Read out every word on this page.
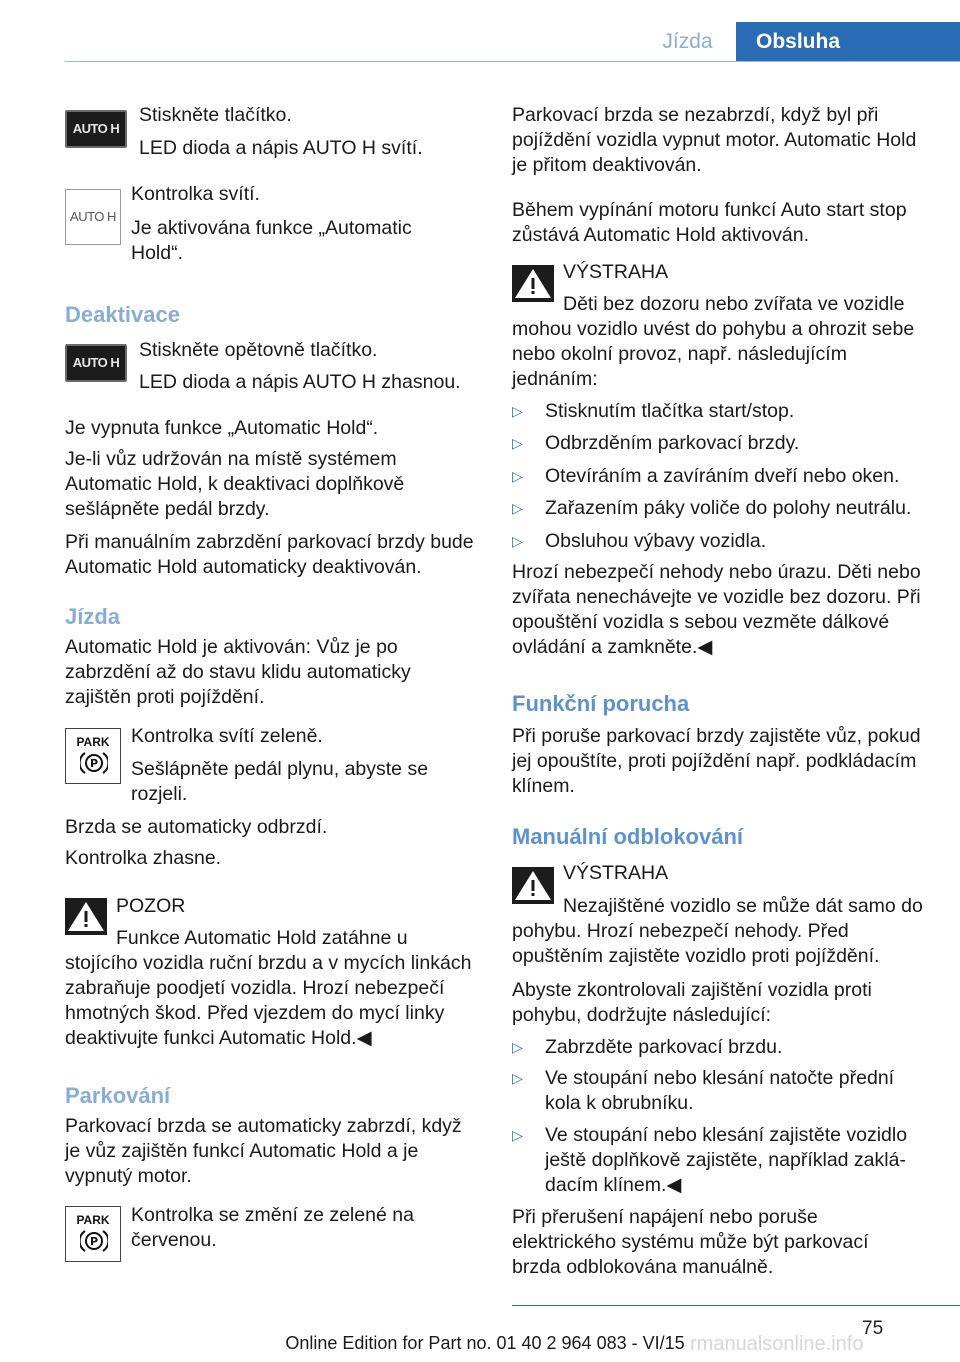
Jízda	Obsluha
AUTO H

Stiskněte tlačítko.

LED dioda a nápis AUTO H svítí.

AUTO H

Kontrolka svítí.

Je aktivována funkce „Automatic Hold“.

Deaktivace
AUTO H

Stiskněte opětovně tlačítko.

LED dioda a nápis AUTO H zhasnou.

Je vypnuta funkce „Automatic Hold“.

Je-li vůz udržován na místě systémem Automatic Hold, k deaktivaci doplňkově sešlápněte pedál brzdy.

Při manuálním zabrzdění parkovací brzdy bude Automatic Hold automaticky deaktivován.

Jízda

Automatic Hold je aktivován: Vůz je po zabrzdění až do stavu klidu automaticky zajištěn proti pojíždění.

PARK
P

Kontrolka svítí zeleně.

Sešlápněte pedál plynu, abyste se rozjeli.

Brzda se automaticky odbrzdí.

Kontrolka zhasne.

POZOR

Funkce Automatic Hold zatáhne u stojícího vozidla ruční brzdu a v mycích linkách zabraňuje poodjetí vozidla. Hrozí nebezpečí hmotných škod. Před vjezdem do mycí linky deaktivujte funkci Automatic Hold.◀

Parkování

Parkovací brzda se automaticky zabrzdí, když je vůz zajištěn funkcí Automatic Hold a je vypnutý motor.

PARK
P

Kontrolka se změní ze zelené na červenou.

Parkovací brzda se nezabrzdí, když byl při pojíždění vozidla vypnut motor. Automatic Hold je přitom deaktivován.

Během vypínání motoru funkcí Auto start stop zůstává Automatic Hold aktivován.

VÝSTRAHA

Děti bez dozoru nebo zvířata ve vozidle mohou vozidlo uvést do pohybu a ohrozit sebe nebo okolní provoz, např. následujícím jednáním:

▷ Stisknutím tlačítka start/stop.
▷ Odbrzděním parkovací brzdy.
▷ Otevíráním a zavíráním dveří nebo oken.
▷ Zařazením páky voliče do polohy neutrálu.
▷ Obsluhou výbavy vozidla.

Hrozí nebezpečí nehody nebo úrazu. Děti nebo zvířata nenechávejte ve vozidle bez dozoru. Při opouštění vozidla s sebou vezměte dálkové ovládání a zamkněte.◀

Funkční porucha

Při poruše parkovací brzdy zajistěte vůz, pokud jej opouštíte, proti pojíždění např. podkládacím klínem.

Manuální odblokování

VÝSTRAHA

Nezajištěné vozidlo se může dát samo do pohybu. Hrozí nebezpečí nehody. Před opuštěním zajistěte vozidlo proti pojíždění.

Abyste zkontrolovali zajištění vozidla proti pohybu, dodržujte následující:

▷ Zabrzděte parkovací brzdu.
▷ Ve stoupání nebo klesání natočte přední kola k obrubníku.
▷ Ve stoupání nebo klesání zajistěte vozidlo ještě doplňkově zajistěte, například zakládacím klínem.◀

Při přerušení napájení nebo poruše elektrického systému může být parkovací brzda odblokována manuálně.

75
Online Edition for Part no. 01 40 2 964 083 - VI/15 rmanualsonline.info
